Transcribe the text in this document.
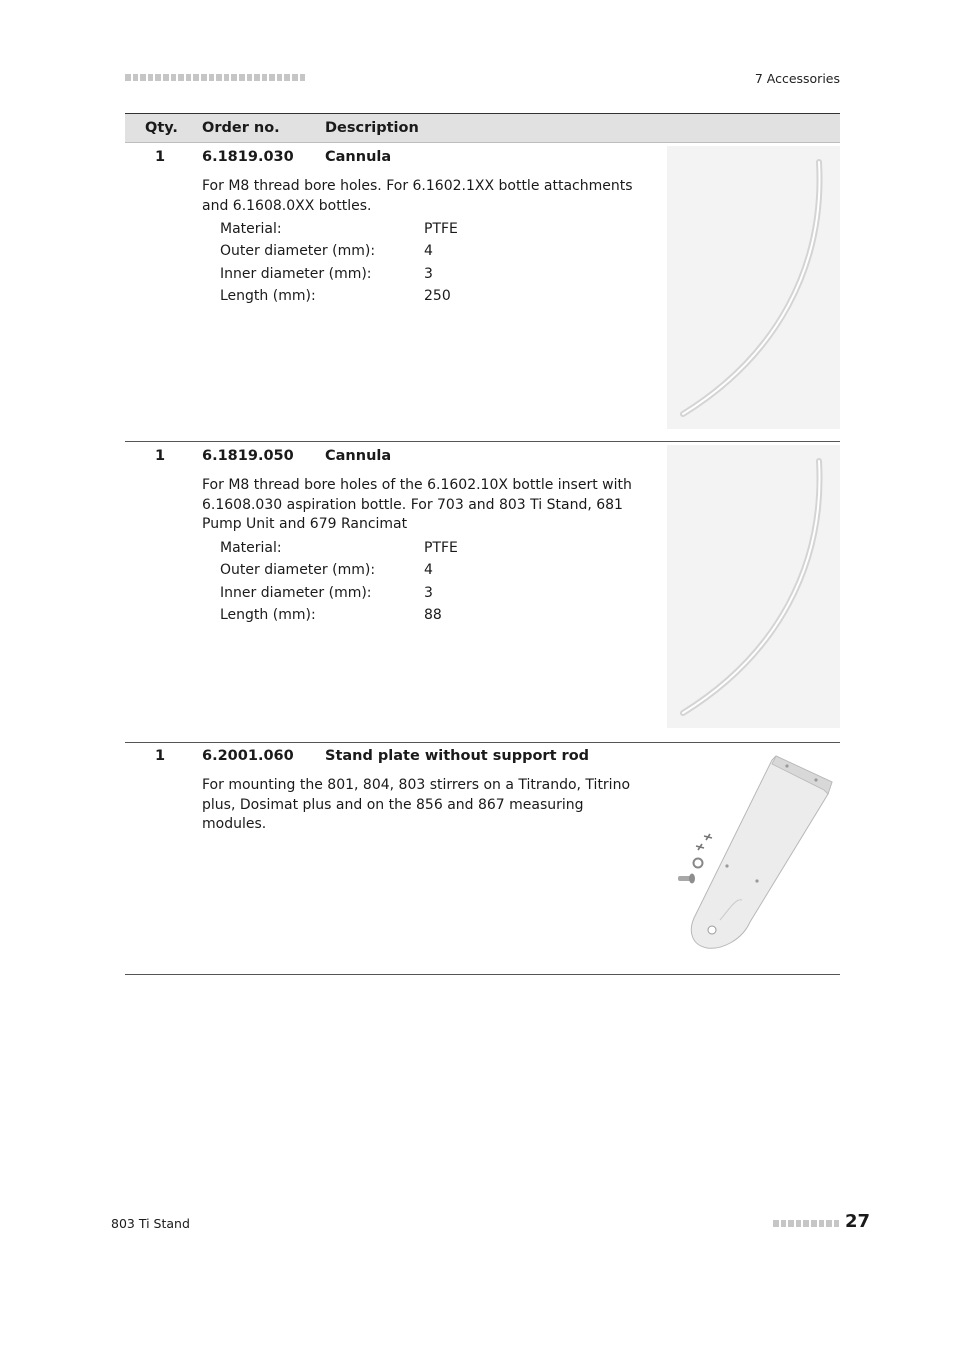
7 Accessories
Qty. Order no.	Description
1	6.1819.030 Cannula
For M8 thread bore holes. For 6.1602.1XX bottle attachments and 6.1608.0XX bottles.
Material:	PTFE
Outer diameter (mm):	4
Inner diameter (mm):	3
Length (mm):	250
1	6.1819.050 Cannula
For M8 thread bore holes of the 6.1602.10X bottle insert with 6.1608.030 aspiration bottle. For 703 and 803 Ti Stand, 681 Pump Unit and 679 Rancimat
Material:	PTFE
Outer diameter (mm):	4
Inner diameter (mm):	3
Length (mm):	88
1	6.2001.060 Stand plate without support rod
For mounting the 801, 804, 803 stirrers on a Titrando, Titrino plus, Dosimat plus and on the 856 and 867 measuring modules.
803 Ti Stand	27
